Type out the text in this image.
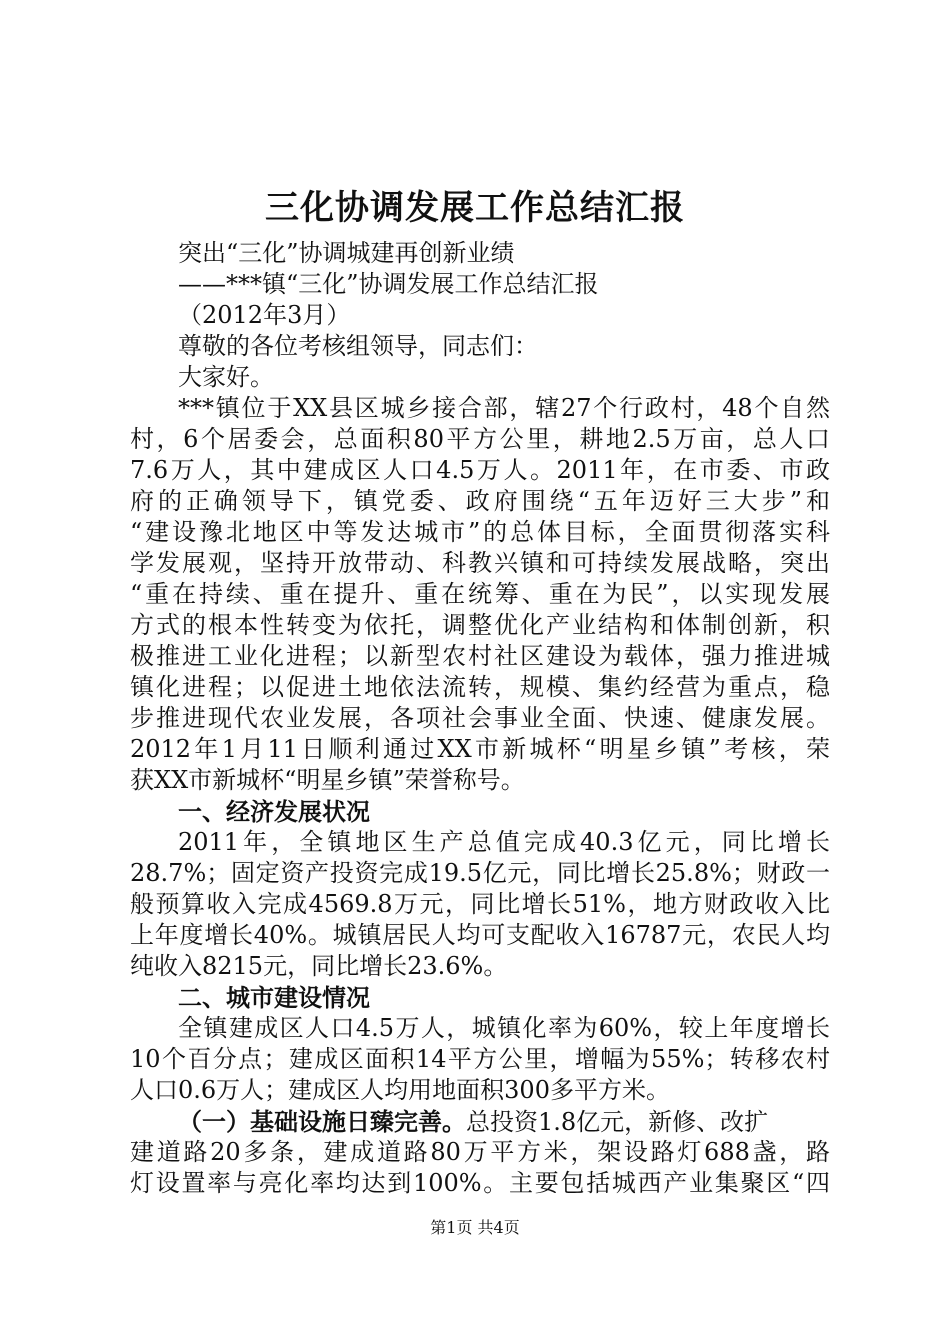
三化协调发展工作总结汇报
突出“三化”协调城建再创新业绩
——***镇“三化”协调发展工作总结汇报
（2012年3月）
尊敬的各位考核组领导，同志们：
大家好。
***镇位于XX县区城乡接合部，辖27个行政村，48个自然
村，6个居委会，总面积80平方公里，耕地2.5万亩，总人口
7.6万人，其中建成区人口4.5万人。2011年，在市委、市政
府的正确领导下，镇党委、政府围绕“五年迈好三大步”和
“建设豫北地区中等发达城市”的总体目标，全面贯彻落实科
学发展观，坚持开放带动、科教兴镇和可持续发展战略，突出
“重在持续、重在提升、重在统筹、重在为民”，以实现发展
方式的根本性转变为依托，调整优化产业结构和体制创新，积
极推进工业化进程；以新型农村社区建设为载体，强力推进城
镇化进程；以促进土地依法流转，规模、集约经营为重点，稳
步推进现代农业发展，各项社会事业全面、快速、健康发展。
2012年1月11日顺利通过XX市新城杯“明星乡镇”考核，荣
获XX市新城杯“明星乡镇”荣誉称号。
一、经济发展状况
2011年，全镇地区生产总值完成40.3亿元，同比增长
28.7%；固定资产投资完成19.5亿元，同比增长25.8%；财政一
般预算收入完成4569.8万元，同比增长51%，地方财政收入比
上年度增长40%。城镇居民人均可支配收入16787元，农民人均
纯收入8215元，同比增长23.6%。
二、城市建设情况
全镇建成区人口4.5万人，城镇化率为60%，较上年度增长
10个百分点；建成区面积14平方公里，增幅为55%；转移农村
人口0.6万人；建成区人均用地面积300多平方米。
（一）基础设施日臻完善。总投资1.8亿元，新修、改扩
建道路20多条，建成道路80万平方米，架设路灯688盏，路
灯设置率与亮化率均达到100%。主要包括城西产业集聚区“四
第1页 共4页
